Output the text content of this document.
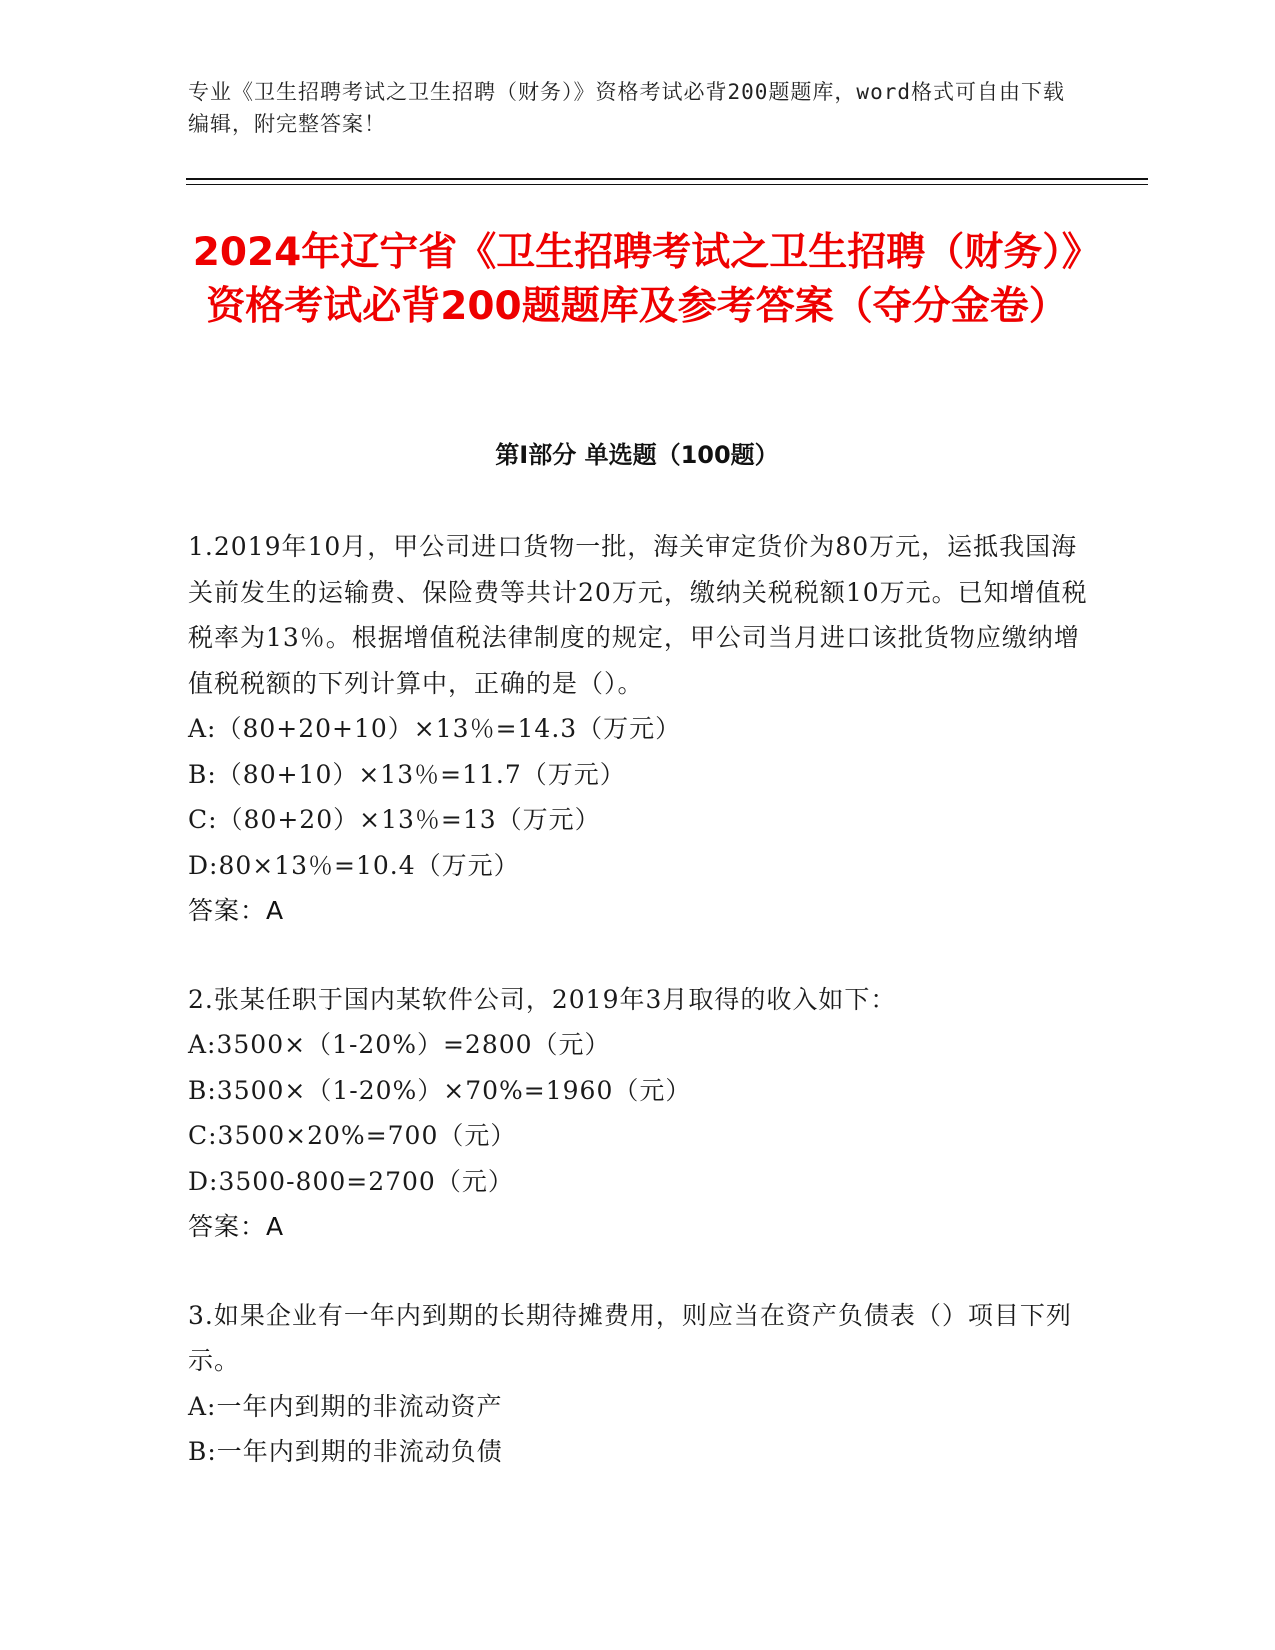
专业《卫生招聘考试之卫生招聘（财务）》资格考试必背200题题库，word格式可自由下载编辑，附完整答案！
2024年辽宁省《卫生招聘考试之卫生招聘（财务）》资格考试必背200题题库及参考答案（夺分金卷）
第I部分 单选题（100题）
1.2019年10月，甲公司进口货物一批，海关审定货价为80万元，运抵我国海关前发生的运输费、保险费等共计20万元，缴纳关税税额10万元。已知增值税税率为13％。根据增值税法律制度的规定，甲公司当月进口该批货物应缴纳增值税税额的下列计算中，正确的是（）。
A:（80+20+10）×13％=14.3（万元）
B:（80+10）×13％=11.7（万元）
C:（80+20）×13％=13（万元）
D:80×13％=10.4（万元）
答案：A
2.张某任职于国内某软件公司，2019年3月取得的收入如下：
A:3500×（1-20%）=2800（元）
B:3500×（1-20%）×70%=1960（元）
C:3500×20%=700（元）
D:3500-800=2700（元）
答案：A
3.如果企业有一年内到期的长期待摊费用，则应当在资产负债表（）项目下列示。
A:一年内到期的非流动资产
B:一年内到期的非流动负债
